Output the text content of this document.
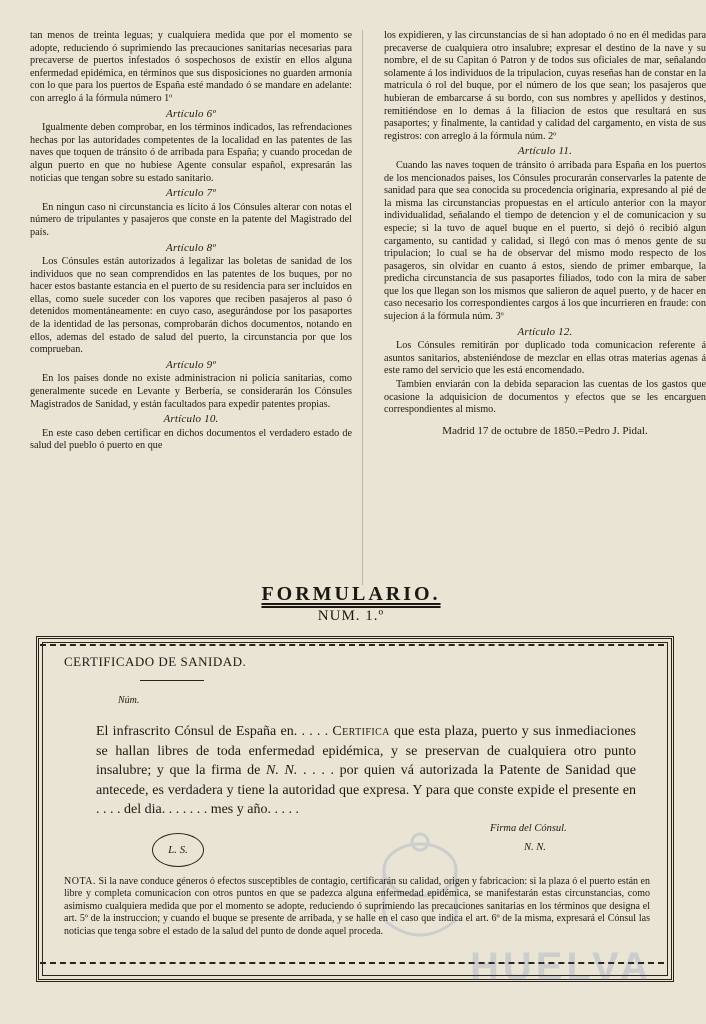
tan menos de treinta leguas; y cualquiera medida que por el momento se adopte, reduciendo ó suprimiendo las precauciones sanitarias necesarias para precaverse de puertos infestados ó sospechosos de existir en ellos alguna enfermedad epidémica, en términos que sus disposiciones no guarden armonía con lo que para los puertos de España esté mandado ó se mandare en adelante: con arreglo á la fórmula número 1º

Artículo 6º

Igualmente deben comprobar, en los términos indicados, las refrendaciones hechas por las autoridades competentes de la localidad en las patentes de las naves que toquen de tránsito ó de arribada para España; y cuando procedan de algun puerto en que no hubiese Agente consular español, expresarán las noticias que tengan sobre su estado sanitario.

Artículo 7º

En ningun caso ni circunstancia es lícito á los Cónsules alterar con notas el número de tripulantes y pasajeros que conste en la patente del Magistrado del país.

Artículo 8º

Los Cónsules están autorizados á legalizar las boletas de sanidad de los individuos que no sean comprendidos en las patentes de los buques, por no hacer estos bastante estancia en el puerto de su residencia para ser incluidos en ellas, como suele suceder con los vapores que reciben pasajeros al paso ó detenidos momentáneamente: en cuyo caso, asegurándose por los pasaportes de la identidad de las personas, comprobarán dichos documentos, notando en ellos, ademas del estado de salud del puerto, la circunstancia por que los comprueban.

Artículo 9º

En los paises donde no existe administracion ni policía sanitarias, como generalmente sucede en Levante y Berbería, se considerarán los Cónsules Magistrados de Sanidad, y están facultados para expedir patentes propias.

Artículo 10.

En este caso deben certificar en dichos documentos el verdadero estado de salud del pueblo ó puerto en que

los expidieren, y las circunstancias de si han adoptado ó no en él medidas para precaverse de cualquiera otro insalubre; expresar el destino de la nave y su nombre, el de su Capitan ó Patron y de todos sus oficiales de mar, señalando solamente á los individuos de la tripulacion, cuyas reseñas han de constar en la matrícula ó rol del buque, por el número de los que sean; los pasajeros que hubieran de embarcarse á su bordo, con sus nombres y apellidos y destinos, remitiéndose en lo demas á la filiacion de estos que resultará en sus pasaportes; y finalmente, la cantidad y calidad del cargamento, en vista de sus registros: con arreglo á la fórmula núm. 2º

Artículo 11.

Cuando las naves toquen de tránsito ó arribada para España en los puertos de los mencionados paises, los Cónsules procurarán conservarles la patente de sanidad para que sea conocida su procedencia originaria, expresando al pié de la misma las circunstancias propuestas en el artículo anterior con la mayor individualidad, señalando el tiempo de detencion y el de comunicacion y su especie; si la tuvo de aquel buque en el puerto, si dejó ó recibió algun cargamento, su cantidad y calidad, si llegó con mas ó menos gente de su tripulacion; lo cual se ha de observar del mismo modo respecto de los pasageros, sin olvidar en cuanto á estos, siendo de primer embarque, la predicha circunstancia de sus pasaportes filiados, todo con la mira de saber que los que llegan son los mismos que salieron de aquel puerto, y de hacer en caso necesario los correspondientes cargos á los que incurrieren en fraude: con sujecion á la fórmula núm. 3º

Artículo 12.

Los Cónsules remitirán por duplicado toda comunicacion referente á asuntos sanitarios, absteniéndose de mezclar en ellas otras materias agenas á este ramo del servicio que les está encomendado.

Tambien enviarán con la debida separacion las cuentas de los gastos que ocasione la adquisicion de documentos y efectos que se les encarguen correspondientes al mismo.

Madrid 17 de octubre de 1850.=Pedro J. Pidal.

FORMULARIO.
NUM. 1.º
CERTIFICADO DE SANIDAD.
Núm.
El infrascrito Cónsul de España en. . . . . Certifica que esta plaza, puerto y sus inmediaciones se hallan libres de toda enfermedad epidémica, y se preservan de cualquiera otro punto insalubre; y que la firma de N. N. . . . . por quien vá autorizada la Patente de Sanidad que antecede, es verdadera y tiene la autoridad que expresa. Y para que conste expide el presente en . . . . del dia. . . . . . . mes y año. . . . .
L. S.
Firma del Cónsul.
N. N.
HUELVA
NOTA. Si la nave conduce géneros ó efectos susceptibles de contagio, certificarán su calidad, origen y fabricacion: si la plaza ó el puerto están en libre y completa comunicacion con otros puntos en que se padezca alguna enfermedad epidémica, se manifestarán estas circunstancias, como asimismo cualquiera medida que por el momento se adopte, reduciendo ó suprimiendo las precauciones sanitarias en los términos que designa el art. 5º de la instruccion; y cuando el buque se presente de arribada, y se halle en el caso que indica el art. 6º de la misma, expresará el Cónsul las noticias que tenga sobre el estado de la salud del punto de donde aquel proceda.
